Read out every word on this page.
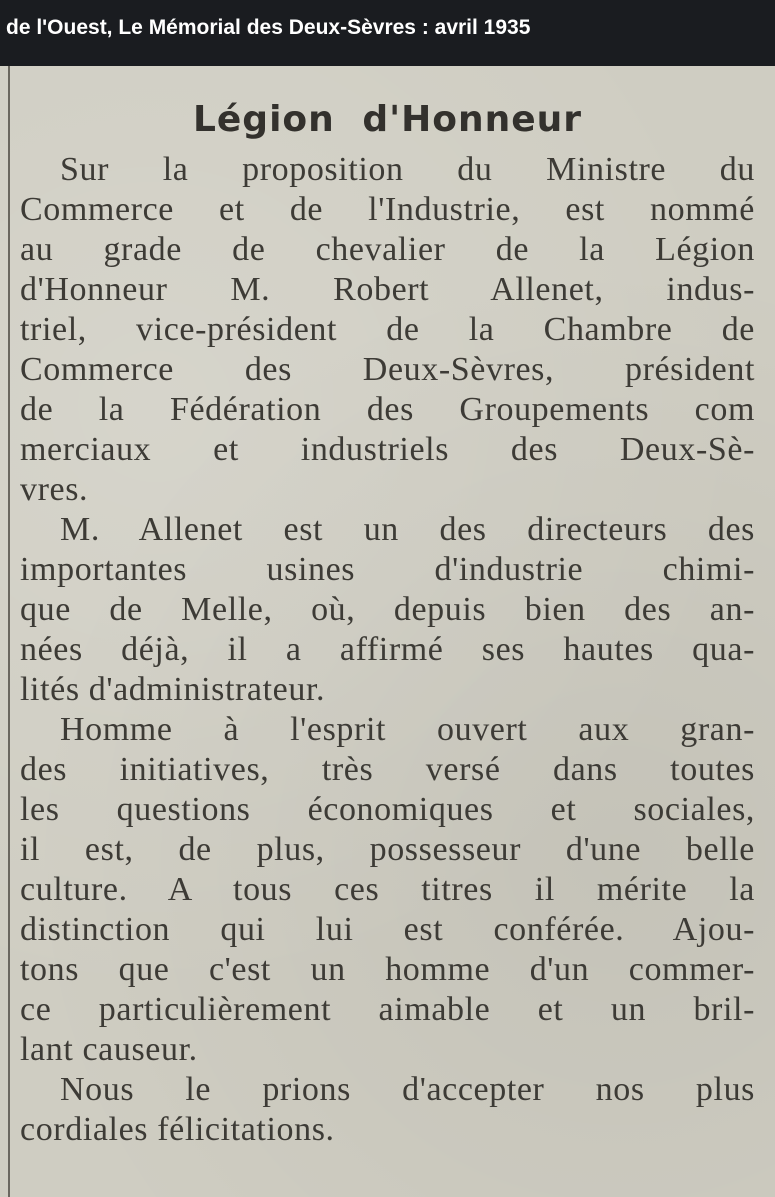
de l'Ouest, Le Mémorial des Deux-Sèvres : avril 1935
Légion d'Honneur
Sur la proposition du Ministre du
Commerce et de l'Industrie, est nommé
au grade de chevalier de la Légion
d'Honneur M. Robert Allenet, indus-
triel, vice-président de la Chambre de
Commerce des Deux-Sèvres, président
de la Fédération des Groupements com
merciaux et industriels des Deux-Sè-
vres.
M. Allenet est un des directeurs des
importantes usines d'industrie chimi-
que de Melle, où, depuis bien des an-
nées déjà, il a affirmé ses hautes qua-
lités d'administrateur.
Homme à l'esprit ouvert aux gran-
des initiatives, très versé dans toutes
les questions économiques et sociales,
il est, de plus, possesseur d'une belle
culture. A tous ces titres il mérite la
distinction qui lui est conférée. Ajou-
tons que c'est un homme d'un commer-
ce particulièrement aimable et un bril-
lant causeur.
Nous le prions d'accepter nos plus
cordiales félicitations.
